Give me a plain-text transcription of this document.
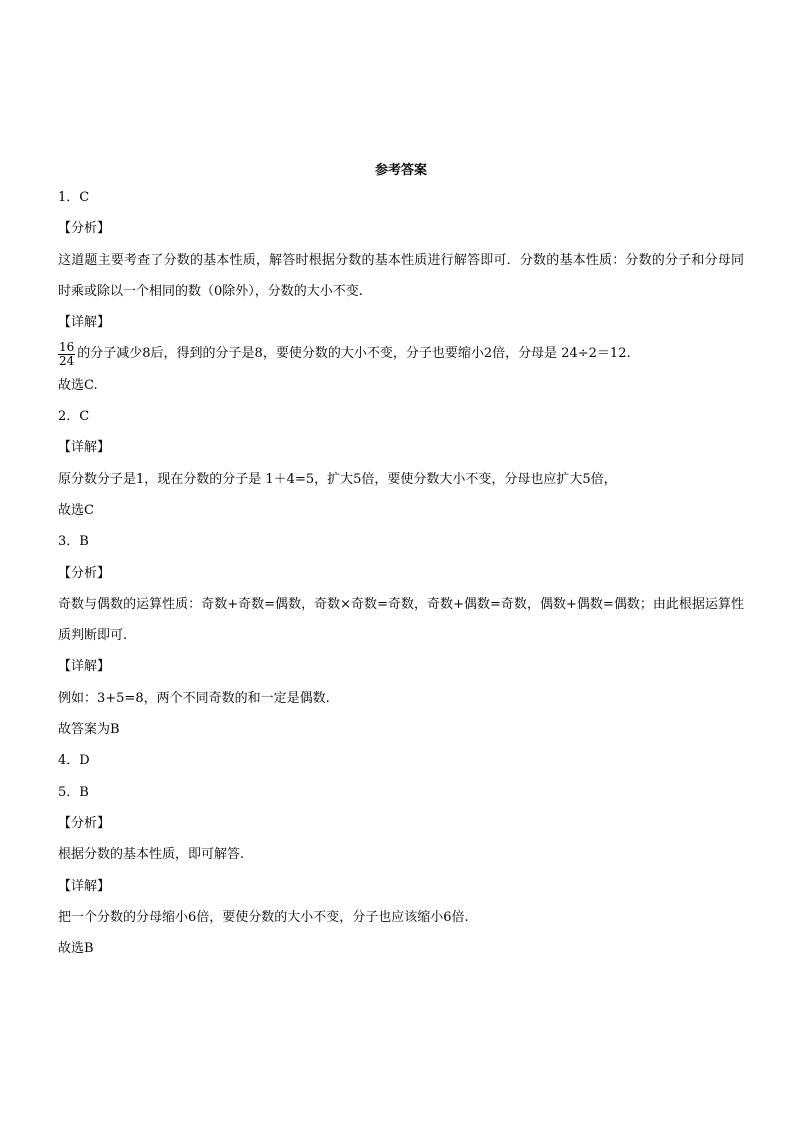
参考答案
1．C
【分析】
这道题主要考查了分数的基本性质，解答时根据分数的基本性质进行解答即可．分数的基本性质：分数的分子和分母同时乘或除以一个相同的数（0除外），分数的大小不变.
【详解】
$\frac{16}{24}$ 的分子减少8后，得到的分子是8，要使分数的大小不变，分子也要缩小2倍，分母是 24÷2＝12.
故选C.
2．C
【详解】
原分数分子是1，现在分数的分子是 1＋4=5，扩大5倍，要使分数大小不变，分母也应扩大5倍，
故选C
3．B
【分析】
奇数与偶数的运算性质：奇数+奇数=偶数，奇数×奇数=奇数，奇数+偶数=奇数，偶数+偶数=偶数；由此根据运算性质判断即可.
【详解】
例如：3+5=8，两个不同奇数的和一定是偶数.
故答案为B
4．D
5．B
【分析】
根据分数的基本性质，即可解答.
【详解】
把一个分数的分母缩小6倍，要使分数的大小不变，分子也应该缩小6倍.
故选B
